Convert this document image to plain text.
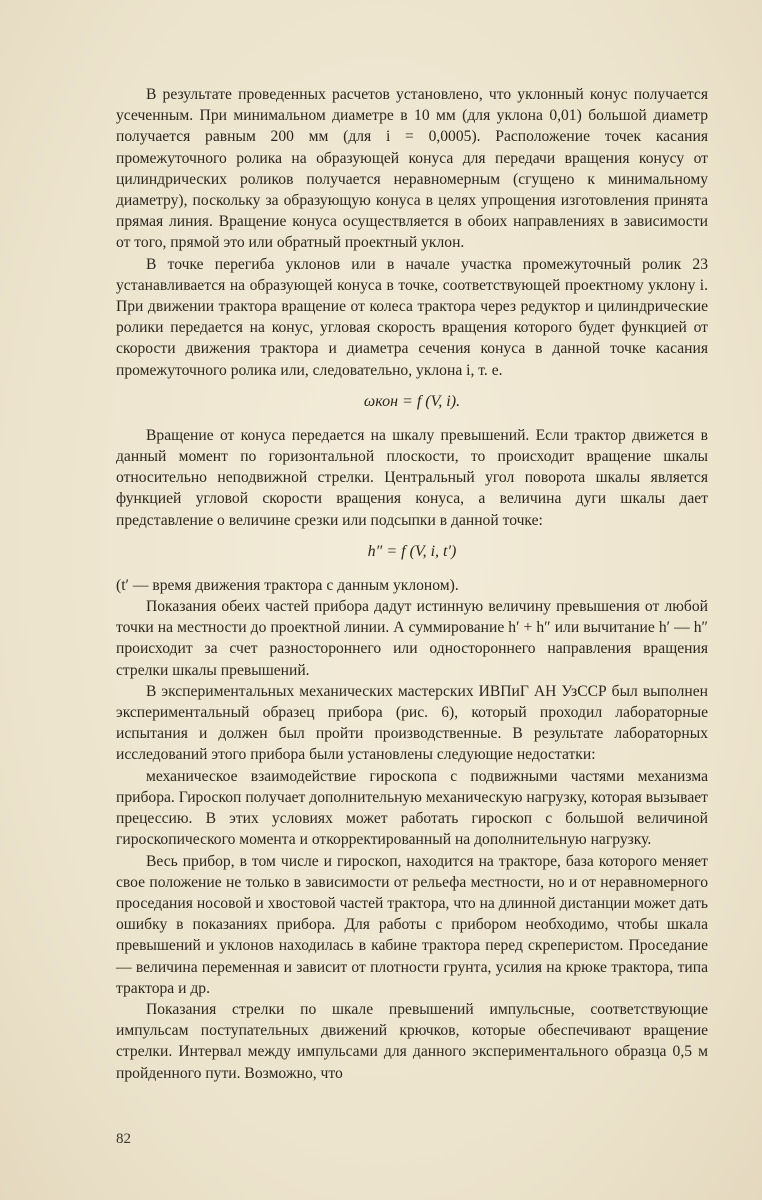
В результате проведенных расчетов установлено, что уклонный конус получается усеченным. При минимальном диаметре в 10 мм (для уклона 0,01) большой диаметр получается равным 200 мм (для i = 0,0005). Расположение точек касания промежуточного ролика на образующей конуса для передачи вращения конусу от цилиндрических роликов получается неравномерным (сгущено к минимальному диаметру), поскольку за образующую конуса в целях упрощения изготовления принята прямая линия. Вращение конуса осуществляется в обоих направлениях в зависимости от того, прямой это или обратный проектный уклон.

В точке перегиба уклонов или в начале участка промежуточный ролик 23 устанавливается на образующей конуса в точке, соответствующей проектному уклону i. При движении трактора вращение от колеса трактора через редуктор и цилиндрические ролики передается на конус, угловая скорость вращения которого будет функцией от скорости движения трактора и диаметра сечения конуса в данной точке касания промежуточного ролика или, следовательно, уклона i, т. е.

ωкон = f (V, i).

Вращение от конуса передается на шкалу превышений. Если трактор движется в данный момент по горизонтальной плоскости, то происходит вращение шкалы относительно неподвижной стрелки. Центральный угол поворота шкалы является функцией угловой скорости вращения конуса, а величина дуги шкалы дает представление о величине срезки или подсыпки в данной точке:

h″ = f (V, i, t′)

(t′ — время движения трактора с данным уклоном).

Показания обеих частей прибора дадут истинную величину превышения от любой точки на местности до проектной линии. А суммирование h′ + h″ или вычитание h′ — h″ происходит за счет разностороннего или одностороннего направления вращения стрелки шкалы превышений.

В экспериментальных механических мастерских ИВПиГ АН УзССР был выполнен экспериментальный образец прибора (рис. 6), который проходил лабораторные испытания и должен был пройти производственные. В результате лабораторных исследований этого прибора были установлены следующие недостатки:

механическое взаимодействие гироскопа с подвижными частями механизма прибора. Гироскоп получает дополнительную механическую нагрузку, которая вызывает прецессию. В этих условиях может работать гироскоп с большой величиной гироскопического момента и откорректированный на дополнительную нагрузку.

Весь прибор, в том числе и гироскоп, находится на тракторе, база которого меняет свое положение не только в зависимости от рельефа местности, но и от неравномерного проседания носовой и хвостовой частей трактора, что на длинной дистанции может дать ошибку в показаниях прибора. Для работы с прибором необходимо, чтобы шкала превышений и уклонов находилась в кабине трактора перед скреперистом. Проседание — величина переменная и зависит от плотности грунта, усилия на крюке трактора, типа трактора и др.

Показания стрелки по шкале превышений импульсные, соответствующие импульсам поступательных движений крючков, которые обеспечивают вращение стрелки. Интервал между импульсами для данного экспериментального образца 0,5 м пройденного пути. Возможно, что

82
